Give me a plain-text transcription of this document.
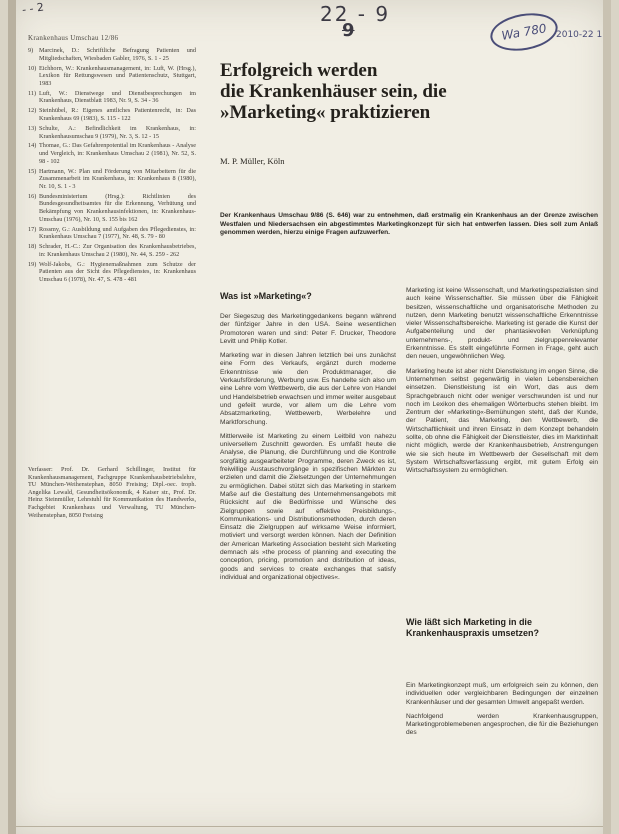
- - 2	22 - 9
9	Wa 780 2010-22 1
Krankenhaus Umschau 12/86
9) Marcinek, D.: Schriftliche Befragung Patienten und Mitgliedschaften, Wiesbaden Gabler, 1976, S. 1 - 25
10) Eichhorn, W.: Krankenhausmanagement, in: Luft, W. (Hrsg.), Lexikon für Rettungswesen und Patientenschutz, Stuttgart, 1983
11) Luft, W.: Dienstwege und Dienstbesprechungen im Krankenhaus, Dienstblatt 1983, Nr. 9, S. 34 - 36
12) Steinhübel, R.: Eigenes amtliches Patientenrecht, in: Das Krankenhaus 69 (1983), S. 115 - 122
13) Schulte, A.: Befindlichkeit im Krankenhaus, in: Krankenhausumschau 9 (1979), Nr. 3, S. 12 - 15
14) Thomae, G.: Das Gefahrenpotential im Krankenhaus - Analyse und Vergleich, in: Krankenhaus Umschau 2 (1981), Nr. 52, S. 98 - 102
15) Hartmann, W.: Plan und Förderung von Mitarbeitern für die Zusammenarbeit im Krankenhaus, in: Krankenhaus 8 (1980), Nr. 10, S. 1 - 3
16) Bundesministerium (Hrsg.): Richtlinien des Bundesgesundheitsamtes für die Erkennung, Verhütung und Bekämpfung von Krankenhausinfektionen, in: Krankenhaus-Umschau (1976), Nr. 10, S. 155 bis 162
17) Rossmy, G.: Ausbildung und Aufgaben des Pflegedienstes, in: Krankenhaus Umschau 7 (1977), Nr. 48, S. 79 - 80
18) Schrader, H.-C.: Zur Organisation des Krankenhausbetriebes, in: Krankenhaus Umschau 2 (1980), Nr. 44, S. 259 - 262
19) Wolf-Jakobs, G.: Hygienemaßnahmen zum Schutze der Patienten aus der Sicht des Pflegedienstes, in: Krankenhaus Umschau 6 (1978), Nr. 47, S. 478 - 481
Verfasser: Prof. Dr. Gerhard Schillinger, Institut für Krankenhausmanagement, Fachgruppe Krankenhausbetriebslehre, TU München-Weihenstephan, 8050 Freising; Dipl.-oec. troph. Angelika Lewald, Gesundheitsökonomik, 4 Kaiser str., Prof. Dr. Heinz Steinmüller, Lehrstuhl für Kommunikation des Handwerks, Fachgebiet Krankenhaus und Verwaltung, TU München-Weihenstephan, 8050 Freising
Erfolgreich werden
die Krankenhäuser sein, die
»Marketing« praktizieren
M. P. Müller, Köln
Der Krankenhaus Umschau 9/86 (S. 646) war zu entnehmen, daß erstmalig ein Krankenhaus an der Grenze zwischen Westfalen und Niedersachsen ein abgestimmtes Marketingkonzept für sich hat entwerfen lassen. Dies soll zum Anlaß genommen werden, hierzu einige Fragen aufzuwerfen.
Was ist »Marketing«?

Der Siegeszug des Marketinggedankens begann während der fünfziger Jahre in den USA. Seine wesentlichen Promotoren waren und sind: Peter F. Drucker, Theodore Levitt und Philip Kotler.

Marketing war in diesen Jahren letztlich bei uns zunächst eine Form des Verkaufs, ergänzt durch moderne Erkenntnisse wie den Produktmanager, die Verkaufsförderung, Werbung usw. Es handelte sich also um eine Lehre vom Wettbewerb, die aus der Lehre von Handel und Handelsbetrieb erwachsen und immer weiter ausgebaut und gefeilt wurde, vor allem um die Lehre vom Absatzmarketing, Wettbewerb, Werbelehre und Marktforschung.

Mittlerweile ist Marketing zu einem Leitbild von nahezu universellem Zuschnitt geworden. Es umfaßt heute die Analyse, die Planung, die Durchführung und die Kontrolle sorgfältig ausgearbeiteter Programme, deren Zweck es ist, freiwillige Austauschvorgänge in spezifischen Märkten zu erzielen und damit die Zielsetzungen der Unternehmungen zu ermöglichen. Dabei stützt sich das Marketing in starkem Maße auf die Gestaltung des Unternehmensangebots mit Rücksicht auf die Bedürfnisse und Wünsche des Zielgruppen sowie auf effektive Preisbildungs-, Kommunikations- und Distributionsmethoden, durch deren Einsatz die Zielgruppen auf wirksame Weise informiert, motiviert und versorgt werden können. Nach der Definition der American Marketing Association besteht sich Marketing demnach als »the process of planning and executing the conception, pricing, promotion and distribution of ideas, goods and services to create exchanges that satisfy individual and organizational objectives«.

Marketing ist keine Wissenschaft, und Marketingspezialisten sind auch keine Wissenschaftler. Sie müssen über die Fähigkeit besitzen, wissenschaftliche und organisatorische Methoden zu nutzen, denn Marketing benutzt wissenschaftliche Erkenntnisse vieler Wissenschaftsbereiche. Marketing ist gerade die Kunst der Aufgabenteilung und der phantasievollen Verknüpfung unternehmens-, produkt- und zielgruppenrelevanter Erkenntnisse. Es stellt eingeführte Formen in Frage, geht auch den neuen, ungewöhnlichen Weg.

Marketing heute ist aber nicht Dienstleistung im engen Sinne, die Unternehmen selbst gegenwärtig in vielen Lebensbereichen einsetzen. Dienstleistung ist ein Wort, das aus dem Sprachgebrauch nicht oder weniger verschwunden ist und nur noch im Lexikon des ehemaligen Wörterbuchs stehen bleibt. Im Zentrum der »Marketing«-Bemühungen steht, daß der Kunde, der Patient, das Marketing, den Wettbewerb, die Wirtschaftlichkeit und ihren Einsatz in dem Konzept behandeln sollte, ob ohne die Fähigkeit der Dienstleister, dies im Marktinhalt nicht möglich, werde der Krankenhausbetrieb, Anstrengungen wie sie sich heute im Wettbewerb der Gesellschaft mit dem System Wirtschaftsverfassung ergibt, mit gutem Erfolg ein Wirtschaftssystem zu ermöglichen.

Wie läßt sich Marketing in die Krankenhauspraxis umsetzen?

Ein Marketingkonzept muß, um erfolgreich sein zu können, den individuellen oder vergleichbaren Bedingungen der einzelnen Krankenhäuser und der gesamten Umwelt angepaßt werden.

Nachfolgend werden Krankenhausgruppen, Marketingproblemebenen angesprochen, die für die Beziehungen des
